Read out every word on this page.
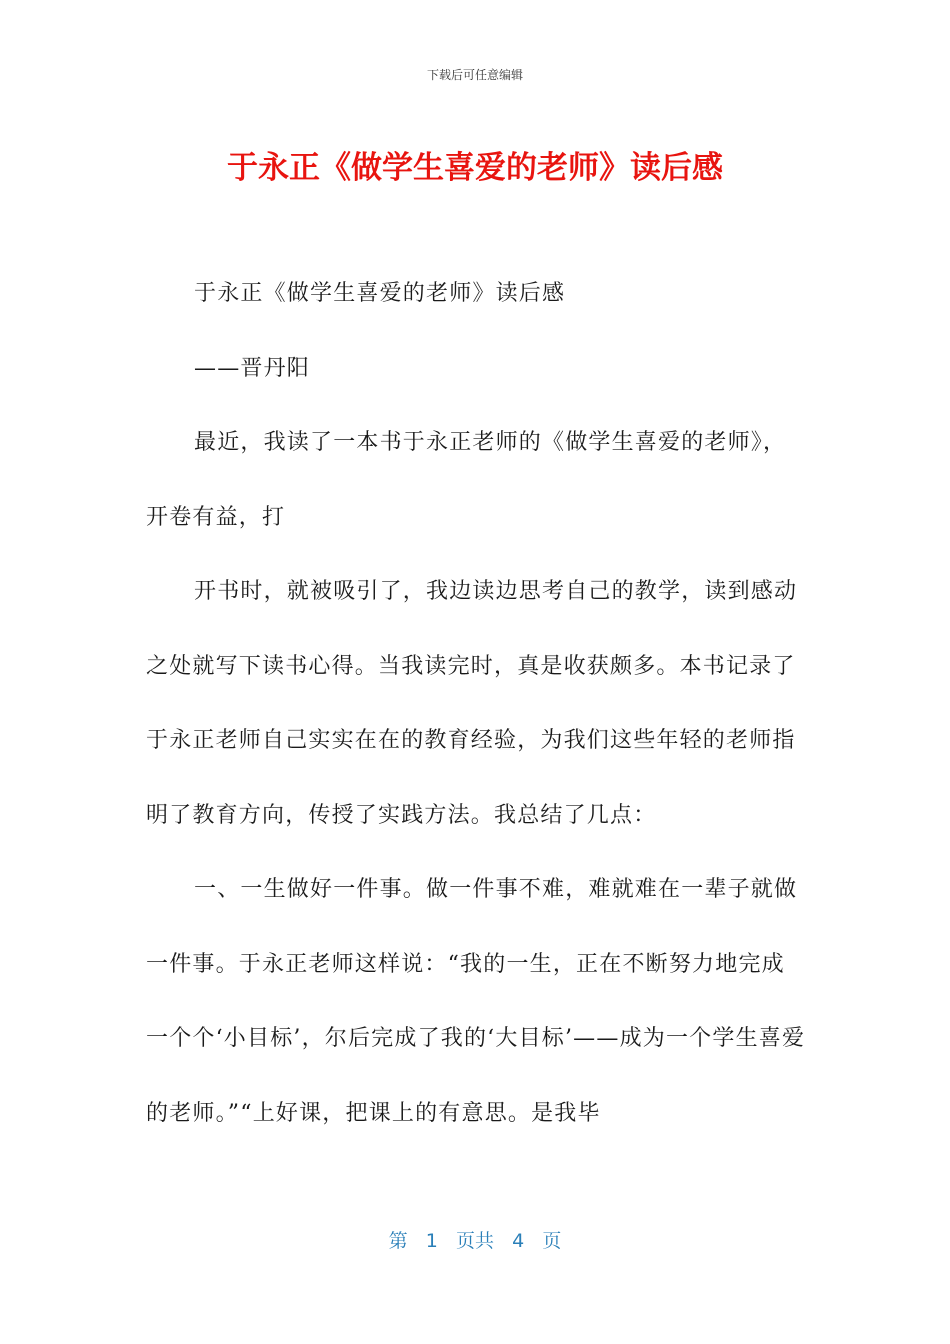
下载后可任意编辑
于永正《做学生喜爱的老师》读后感

于永正《做学生喜爱的老师》读后感

——晋丹阳

最近，我读了一本书于永正老师的《做学生喜爱的老师》，开卷有益，打

开书时，就被吸引了，我边读边思考自己的教学，读到感动之处就写下读书心得。当我读完时，真是收获颇多。本书记录了于永正老师自己实实在在的教育经验，为我们这些年轻的老师指明了教育方向，传授了实践方法。我总结了几点：

一、一生做好一件事。做一件事不难，难就难在一辈子就做一件事。于永正老师这样说：“我的一生，正在不断努力地完成一个个‘小目标’，尔后完成了我的‘大目标’——成为一个学生喜爱的老师。”“上好课，把课上的有意思。是我毕

第 1 页共 4 页
